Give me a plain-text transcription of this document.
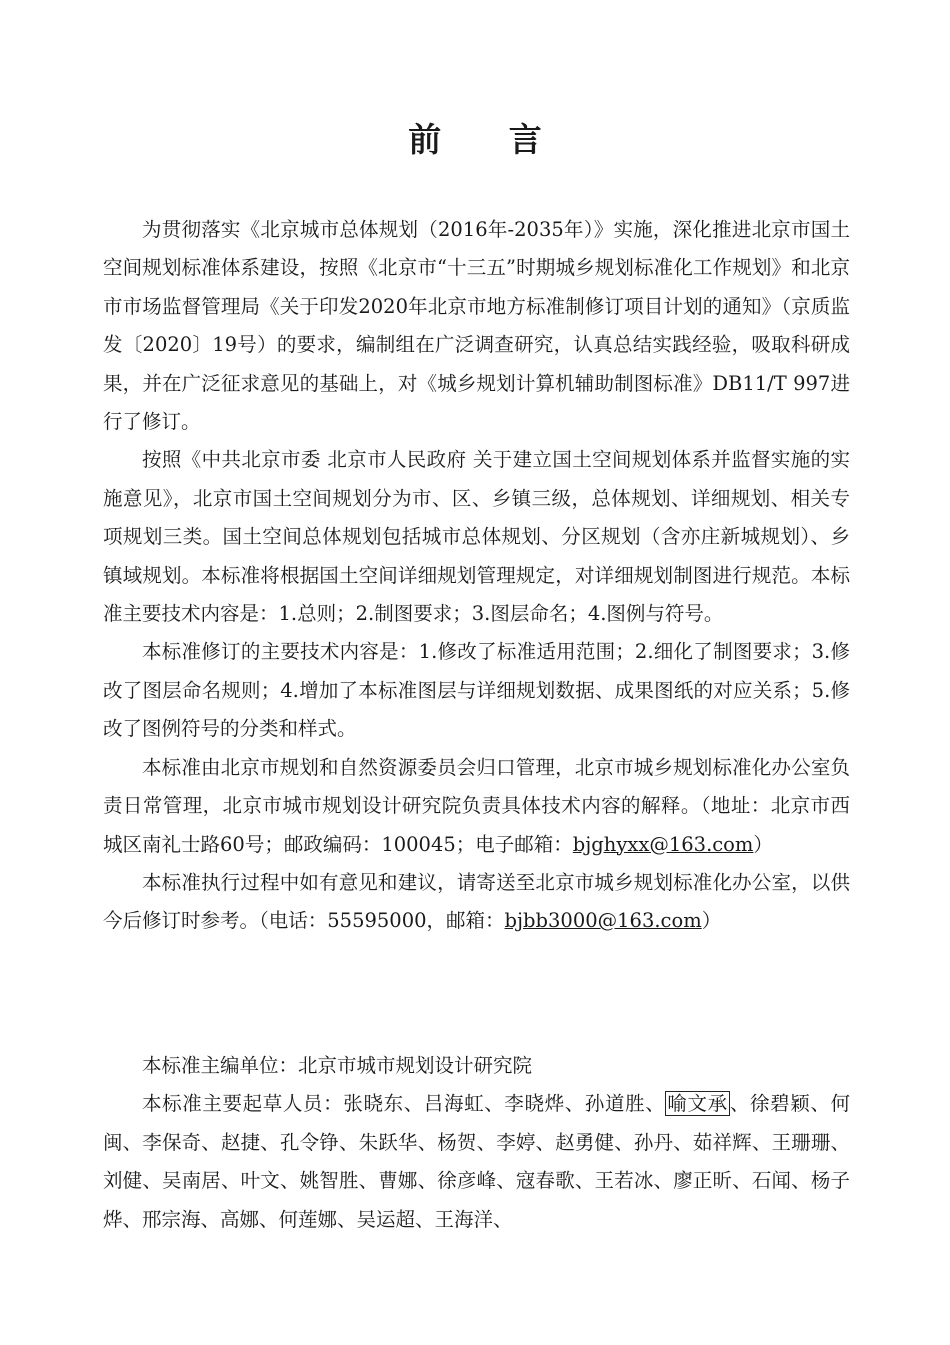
前 言

为贯彻落实《北京城市总体规划（2016年-2035年）》实施，深化推进北京市国土空间规划标准体系建设，按照《北京市“十三五”时期城乡规划标准化工作规划》和北京市市场监督管理局《关于印发2020年北京市地方标准制修订项目计划的通知》（京质监发〔2020〕19号）的要求，编制组在广泛调查研究，认真总结实践经验，吸取科研成果，并在广泛征求意见的基础上，对《城乡规划计算机辅助制图标准》DB11/T 997进行了修订。

按照《中共北京市委 北京市人民政府 关于建立国土空间规划体系并监督实施的实施意见》，北京市国土空间规划分为市、区、乡镇三级，总体规划、详细规划、相关专项规划三类。国土空间总体规划包括城市总体规划、分区规划（含亦庄新城规划）、乡镇域规划。本标准将根据国土空间详细规划管理规定，对详细规划制图进行规范。本标准主要技术内容是：1.总则；2.制图要求；3.图层命名；4.图例与符号。

本标准修订的主要技术内容是：1.修改了标准适用范围；2.细化了制图要求；3.修改了图层命名规则；4.增加了本标准图层与详细规划数据、成果图纸的对应关系；5.修改了图例符号的分类和样式。

本标准由北京市规划和自然资源委员会归口管理，北京市城乡规划标准化办公室负责日常管理，北京市城市规划设计研究院负责具体技术内容的解释。（地址：北京市西城区南礼士路60号；邮政编码：100045；电子邮箱：bjghyxx@163.com）

本标准执行过程中如有意见和建议，请寄送至北京市城乡规划标准化办公室，以供今后修订时参考。（电话：55595000，邮箱：bjbb3000@163.com）

本标准主编单位：北京市城市规划设计研究院

本标准主要起草人员：张晓东、吕海虹、李晓烨、孙道胜、 喻文承 、徐碧颖、何闽、李保奇、赵捷、孔令铮、朱跃华、杨贺、李婷、赵勇健、孙丹、茹祥辉、王珊珊、刘健、吴南居、叶文、姚智胜、曹娜、徐彦峰、寇春歌、王若冰、廖正昕、石闻、杨子烨、邢宗海、高娜、何莲娜、吴运超、王海洋、
